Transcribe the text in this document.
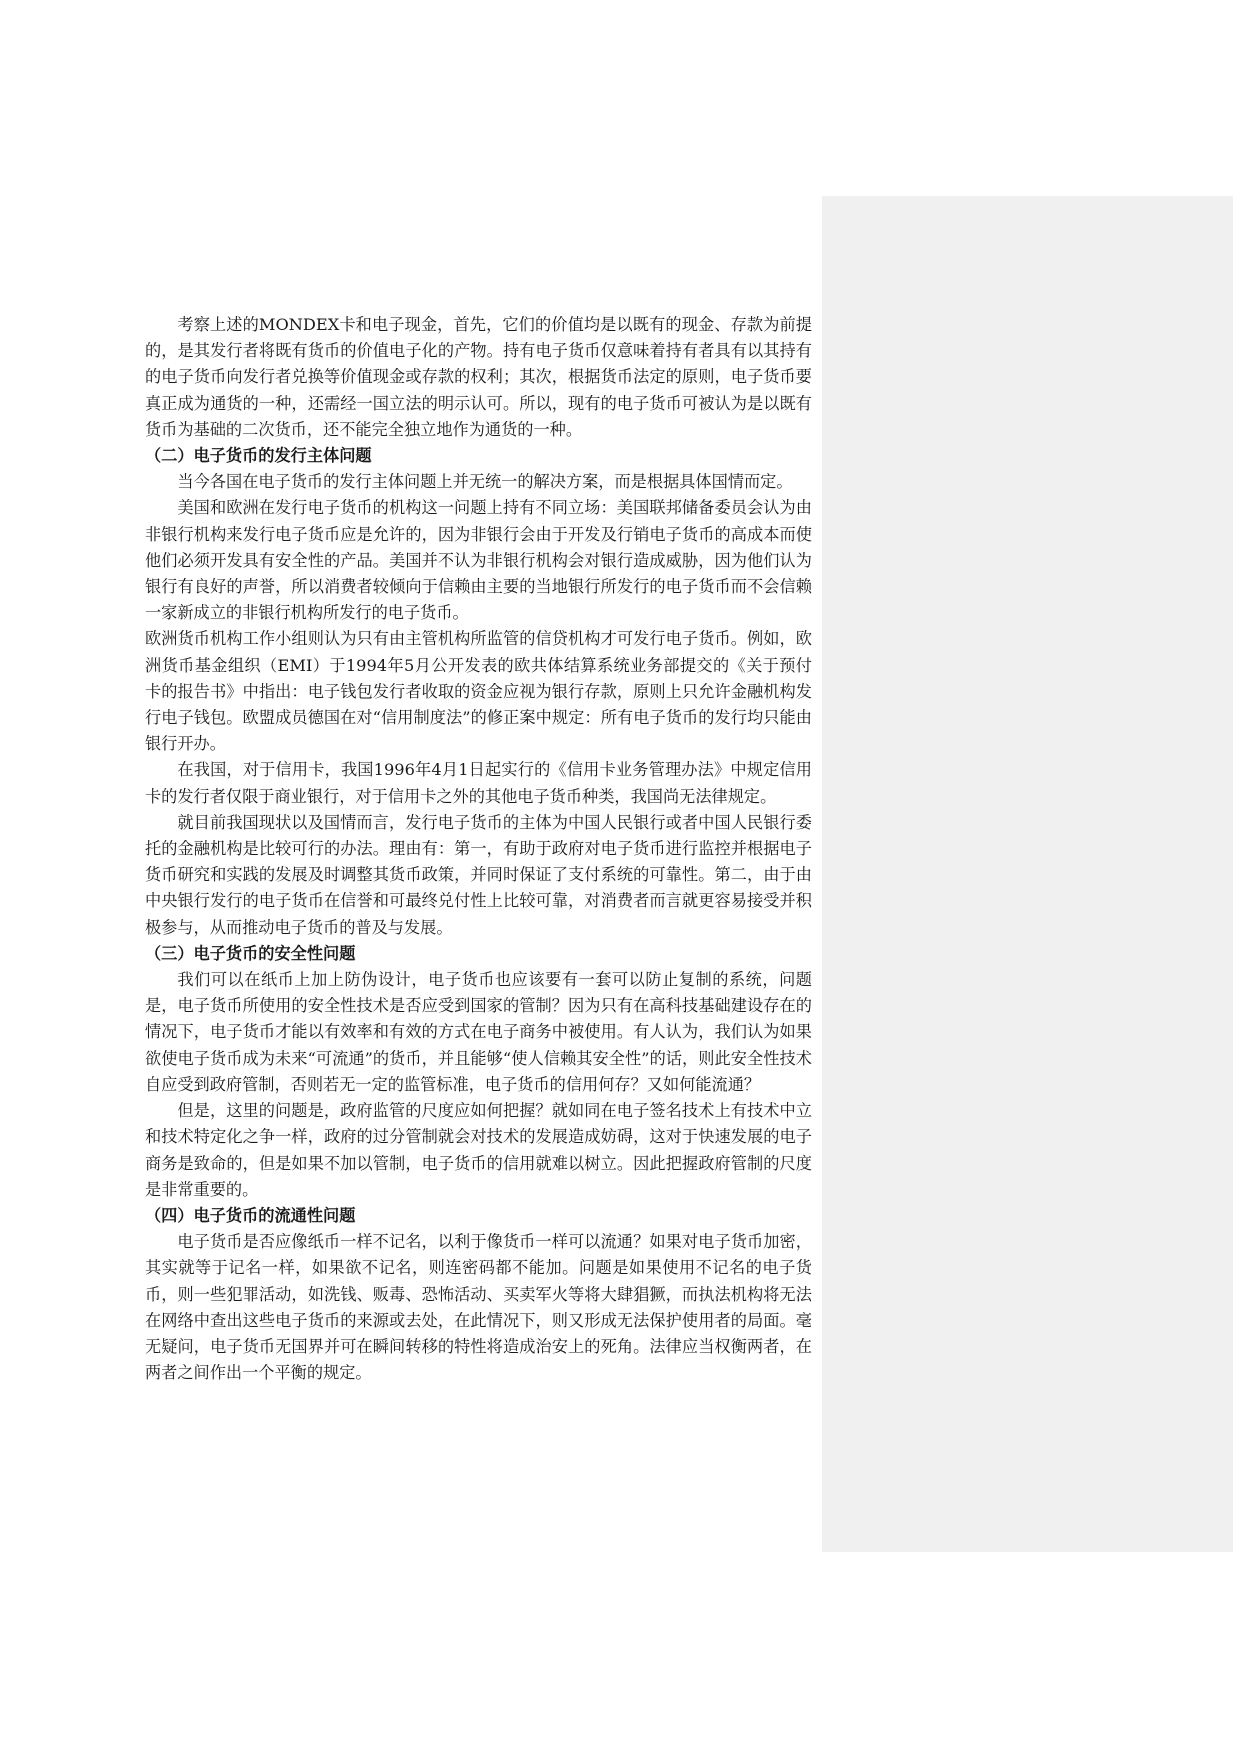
考察上述的MONDEX卡和电子现金，首先，它们的价值均是以既有的现金、存款为前提的，是其发行者将既有货币的价值电子化的产物。持有电子货币仅意味着持有者具有以其持有的电子货币向发行者兑换等价值现金或存款的权利；其次，根据货币法定的原则，电子货币要真正成为通货的一种，还需经一国立法的明示认可。所以，现有的电子货币可被认为是以既有货币为基础的二次货币，还不能完全独立地作为通货的一种。

（二）电子货币的发行主体问题

当今各国在电子货币的发行主体问题上并无统一的解决方案，而是根据具体国情而定。

美国和欧洲在发行电子货币的机构这一问题上持有不同立场：美国联邦储备委员会认为由非银行机构来发行电子货币应是允许的，因为非银行会由于开发及行销电子货币的高成本而使他们必须开发具有安全性的产品。美国并不认为非银行机构会对银行造成威胁，因为他们认为银行有良好的声誉，所以消费者较倾向于信赖由主要的当地银行所发行的电子货币而不会信赖一家新成立的非银行机构所发行的电子货币。

欧洲货币机构工作小组则认为只有由主管机构所监管的信贷机构才可发行电子货币。例如，欧洲货币基金组织（EMI）于1994年5月公开发表的欧共体结算系统业务部提交的《关于预付卡的报告书》中指出：电子钱包发行者收取的资金应视为银行存款，原则上只允许金融机构发行电子钱包。欧盟成员德国在对“信用制度法”的修正案中规定：所有电子货币的发行均只能由银行开办。

在我国，对于信用卡，我国1996年4月1日起实行的《信用卡业务管理办法》中规定信用卡的发行者仅限于商业银行，对于信用卡之外的其他电子货币种类，我国尚无法律规定。

就目前我国现状以及国情而言，发行电子货币的主体为中国人民银行或者中国人民银行委托的金融机构是比较可行的办法。理由有：第一，有助于政府对电子货币进行监控并根据电子货币研究和实践的发展及时调整其货币政策，并同时保证了支付系统的可靠性。第二，由于由中央银行发行的电子货币在信誉和可最终兑付性上比较可靠，对消费者而言就更容易接受并积极参与，从而推动电子货币的普及与发展。

（三）电子货币的安全性问题

我们可以在纸币上加上防伪设计，电子货币也应该要有一套可以防止复制的系统，问题是，电子货币所使用的安全性技术是否应受到国家的管制？因为只有在高科技基础建设存在的情况下，电子货币才能以有效率和有效的方式在电子商务中被使用。有人认为，我们认为如果欲使电子货币成为未来“可流通”的货币，并且能够“使人信赖其安全性”的话，则此安全性技术自应受到政府管制，否则若无一定的监管标准，电子货币的信用何存？又如何能流通？

但是，这里的问题是，政府监管的尺度应如何把握？就如同在电子签名技术上有技术中立和技术特定化之争一样，政府的过分管制就会对技术的发展造成妨碍，这对于快速发展的电子商务是致命的，但是如果不加以管制，电子货币的信用就难以树立。因此把握政府管制的尺度是非常重要的。

（四）电子货币的流通性问题

电子货币是否应像纸币一样不记名，以利于像货币一样可以流通？如果对电子货币加密，其实就等于记名一样，如果欲不记名，则连密码都不能加。问题是如果使用不记名的电子货币，则一些犯罪活动，如洗钱、贩毒、恐怖活动、买卖军火等将大肆猖獗，而执法机构将无法在网络中查出这些电子货币的来源或去处，在此情况下，则又形成无法保护使用者的局面。毫无疑问，电子货币无国界并可在瞬间转移的特性将造成治安上的死角。法律应当权衡两者，在两者之间作出一个平衡的规定。
